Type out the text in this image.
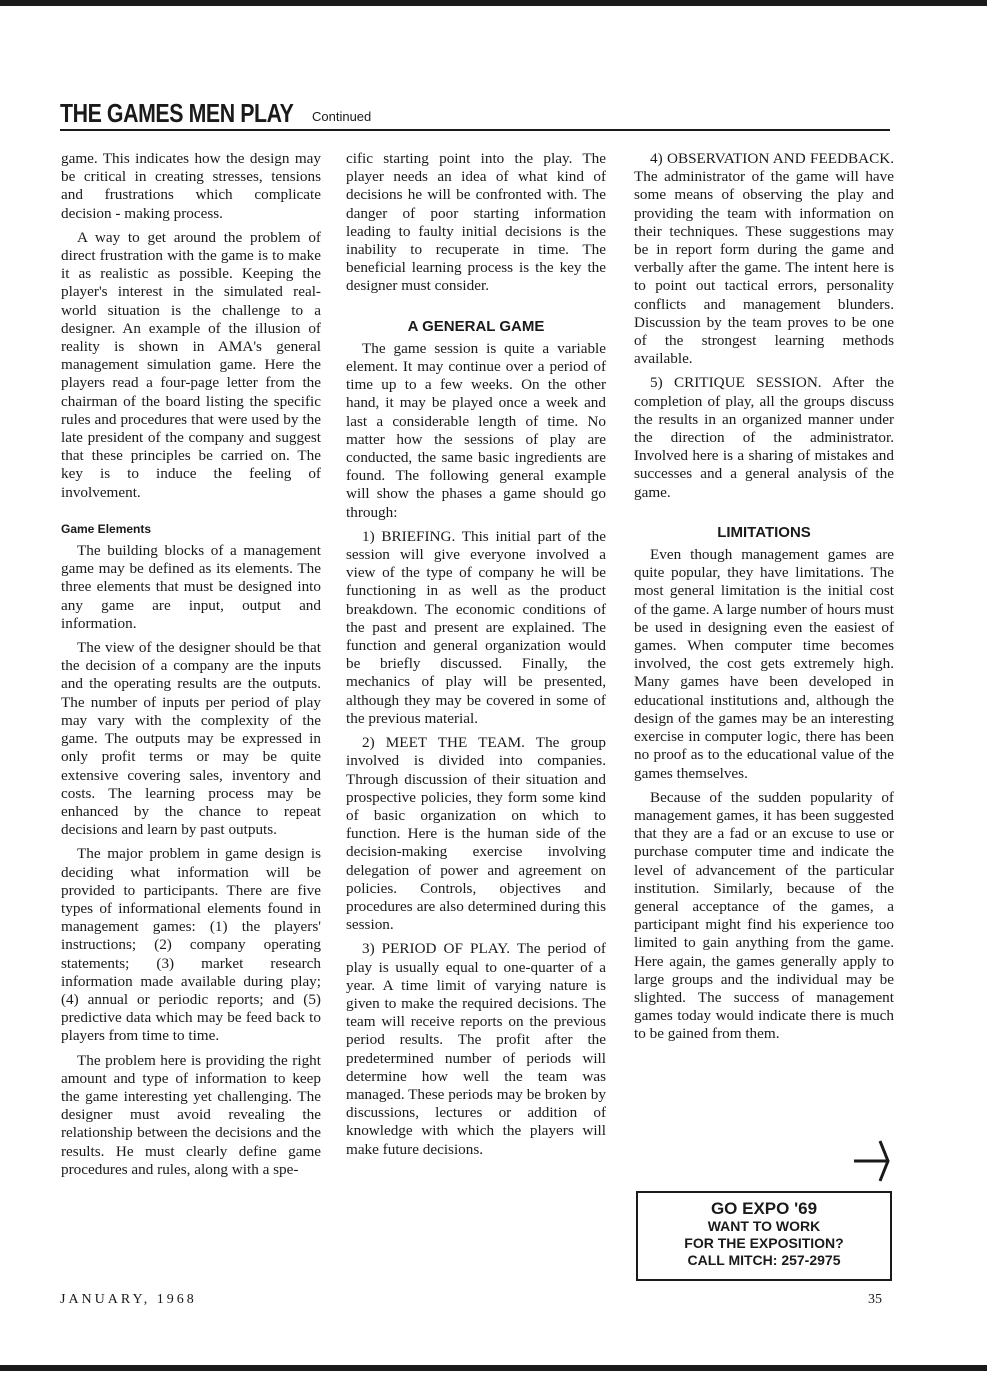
THE GAMES MEN PLAY Continued

game. This indicates how the design may be critical in creating stresses, tensions and frustrations which complicate decision - making process.

A way to get around the problem of direct frustration with the game is to make it as realistic as possible. Keeping the player's interest in the simulated real-world situation is the challenge to a designer. An example of the illusion of reality is shown in AMA's general management simulation game. Here the players read a four-page letter from the chairman of the board listing the specific rules and procedures that were used by the late president of the company and suggest that these principles be carried on. The key is to induce the feeling of involvement.

Game Elements

The building blocks of a management game may be defined as its elements. The three elements that must be designed into any game are input, output and information.

The view of the designer should be that the decision of a company are the inputs and the operating results are the outputs. The number of inputs per period of play may vary with the complexity of the game. The outputs may be expressed in only profit terms or may be quite extensive covering sales, inventory and costs. The learning process may be enhanced by the chance to repeat decisions and learn by past outputs.

The major problem in game design is deciding what information will be provided to participants. There are five types of informational elements found in management games: (1) the players' instructions; (2) company operating statements; (3) market research information made available during play; (4) annual or periodic reports; and (5) predictive data which may be feed back to players from time to time.

The problem here is providing the right amount and type of information to keep the game interesting yet challenging. The designer must avoid revealing the relationship between the decisions and the results. He must clearly define game procedures and rules, along with a spe-

cific starting point into the play. The player needs an idea of what kind of decisions he will be confronted with. The danger of poor starting information leading to faulty initial decisions is the inability to recuperate in time. The beneficial learning process is the key the designer must consider.

A GENERAL GAME

The game session is quite a variable element. It may continue over a period of time up to a few weeks. On the other hand, it may be played once a week and last a considerable length of time. No matter how the sessions of play are conducted, the same basic ingredients are found. The following general example will show the phases a game should go through:

1) BRIEFING. This initial part of the session will give everyone involved a view of the type of company he will be functioning in as well as the product breakdown. The economic conditions of the past and present are explained. The function and general organization would be briefly discussed. Finally, the mechanics of play will be presented, although they may be covered in some of the previous material.

2) MEET THE TEAM. The group involved is divided into companies. Through discussion of their situation and prospective policies, they form some kind of basic organization on which to function. Here is the human side of the decision-making exercise involving delegation of power and agreement on policies. Controls, objectives and procedures are also determined during this session.

3) PERIOD OF PLAY. The period of play is usually equal to one-quarter of a year. A time limit of varying nature is given to make the required decisions. The team will receive reports on the previous period results. The profit after the predetermined number of periods will determine how well the team was managed. These periods may be broken by discussions, lectures or addition of knowledge with which the players will make future decisions.

4) OBSERVATION AND FEEDBACK. The administrator of the game will have some means of observing the play and providing the team with information on their techniques. These suggestions may be in report form during the game and verbally after the game. The intent here is to point out tactical errors, personality conflicts and management blunders. Discussion by the team proves to be one of the strongest learning methods available.

5) CRITIQUE SESSION. After the completion of play, all the groups discuss the results in an organized manner under the direction of the administrator. Involved here is a sharing of mistakes and successes and a general analysis of the game.

LIMITATIONS

Even though management games are quite popular, they have limitations. The most general limitation is the initial cost of the game. A large number of hours must be used in designing even the easiest of games. When computer time becomes involved, the cost gets extremely high. Many games have been developed in educational institutions and, although the design of the games may be an interesting exercise in computer logic, there has been no proof as to the educational value of the games themselves.

Because of the sudden popularity of management games, it has been suggested that they are a fad or an excuse to use or purchase computer time and indicate the level of advancement of the particular institution. Similarly, because of the general acceptance of the games, a participant might find his experience too limited to gain anything from the game. Here again, the games generally apply to large groups and the individual may be slighted. The success of management games today would indicate there is much to be gained from them.

GO EXPO '69
WANT TO WORK
FOR THE EXPOSITION?
CALL MITCH: 257-2975
JANUARY, 1968	35
